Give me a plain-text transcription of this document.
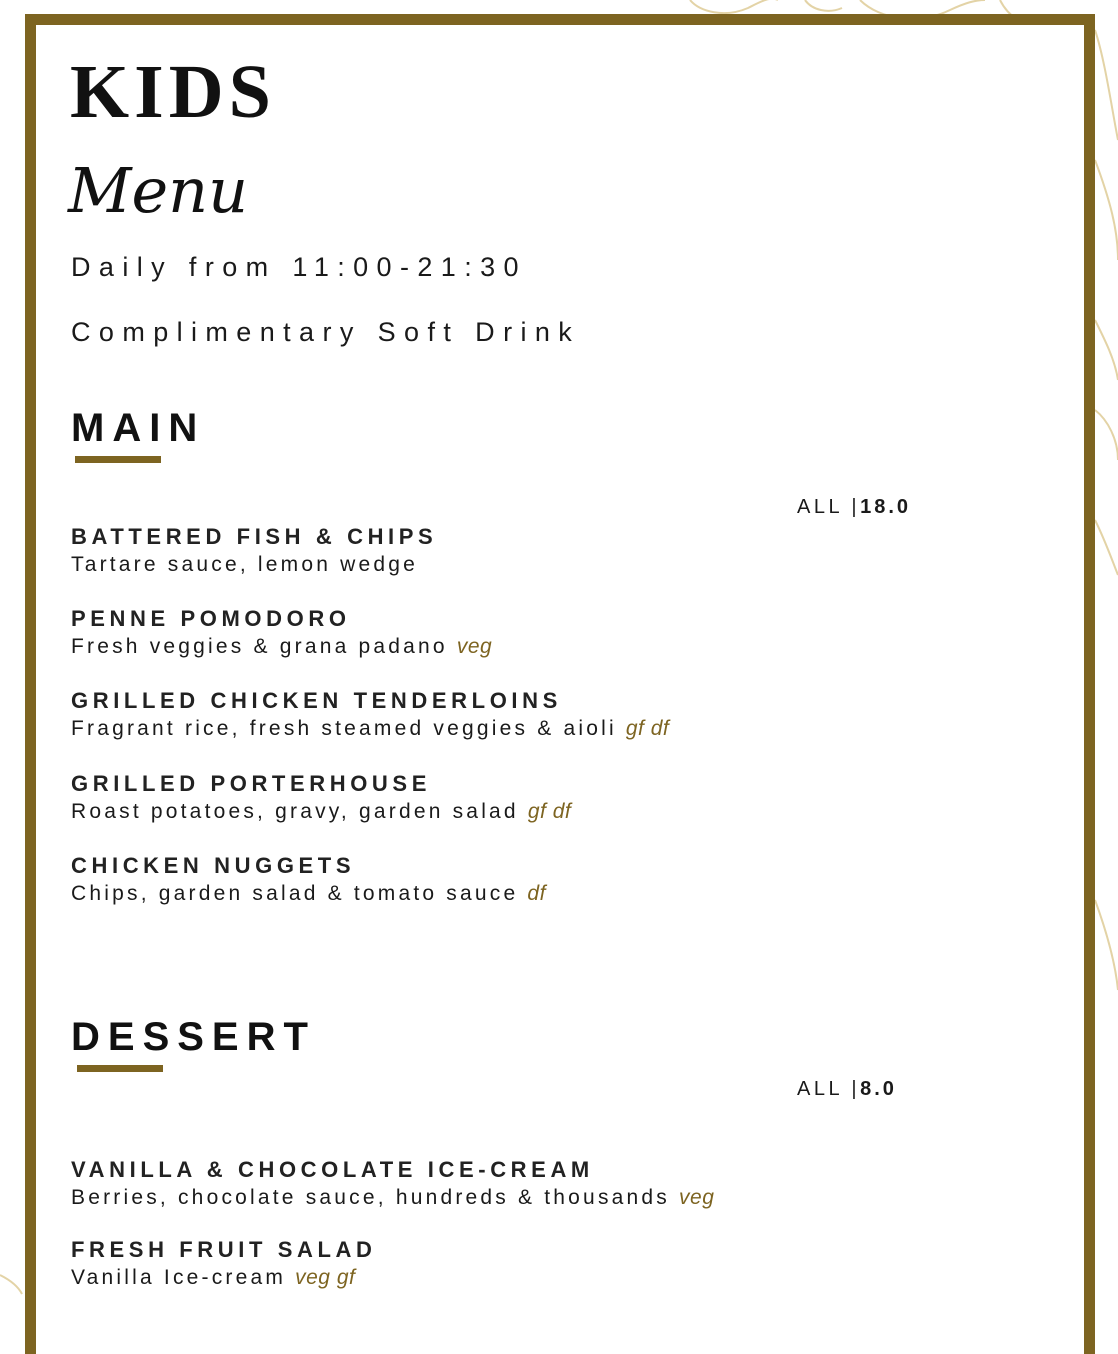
KIDS
Menu
Daily from 11:00-21:30
Complimentary Soft Drink
MAIN
ALL |18.0
BATTERED FISH & CHIPS
Tartare sauce, lemon wedge
PENNE POMODORO
Fresh veggies & grana padano veg
GRILLED CHICKEN TENDERLOINS
Fragrant rice, fresh steamed veggies & aioli gf df
GRILLED PORTERHOUSE
Roast potatoes, gravy, garden salad gf df
CHICKEN NUGGETS
Chips, garden salad & tomato sauce df
DESSERT
ALL |8.0
VANILLA & CHOCOLATE ICE-CREAM
Berries, chocolate sauce, hundreds & thousands veg
FRESH FRUIT SALAD
Vanilla Ice-cream veg gf
